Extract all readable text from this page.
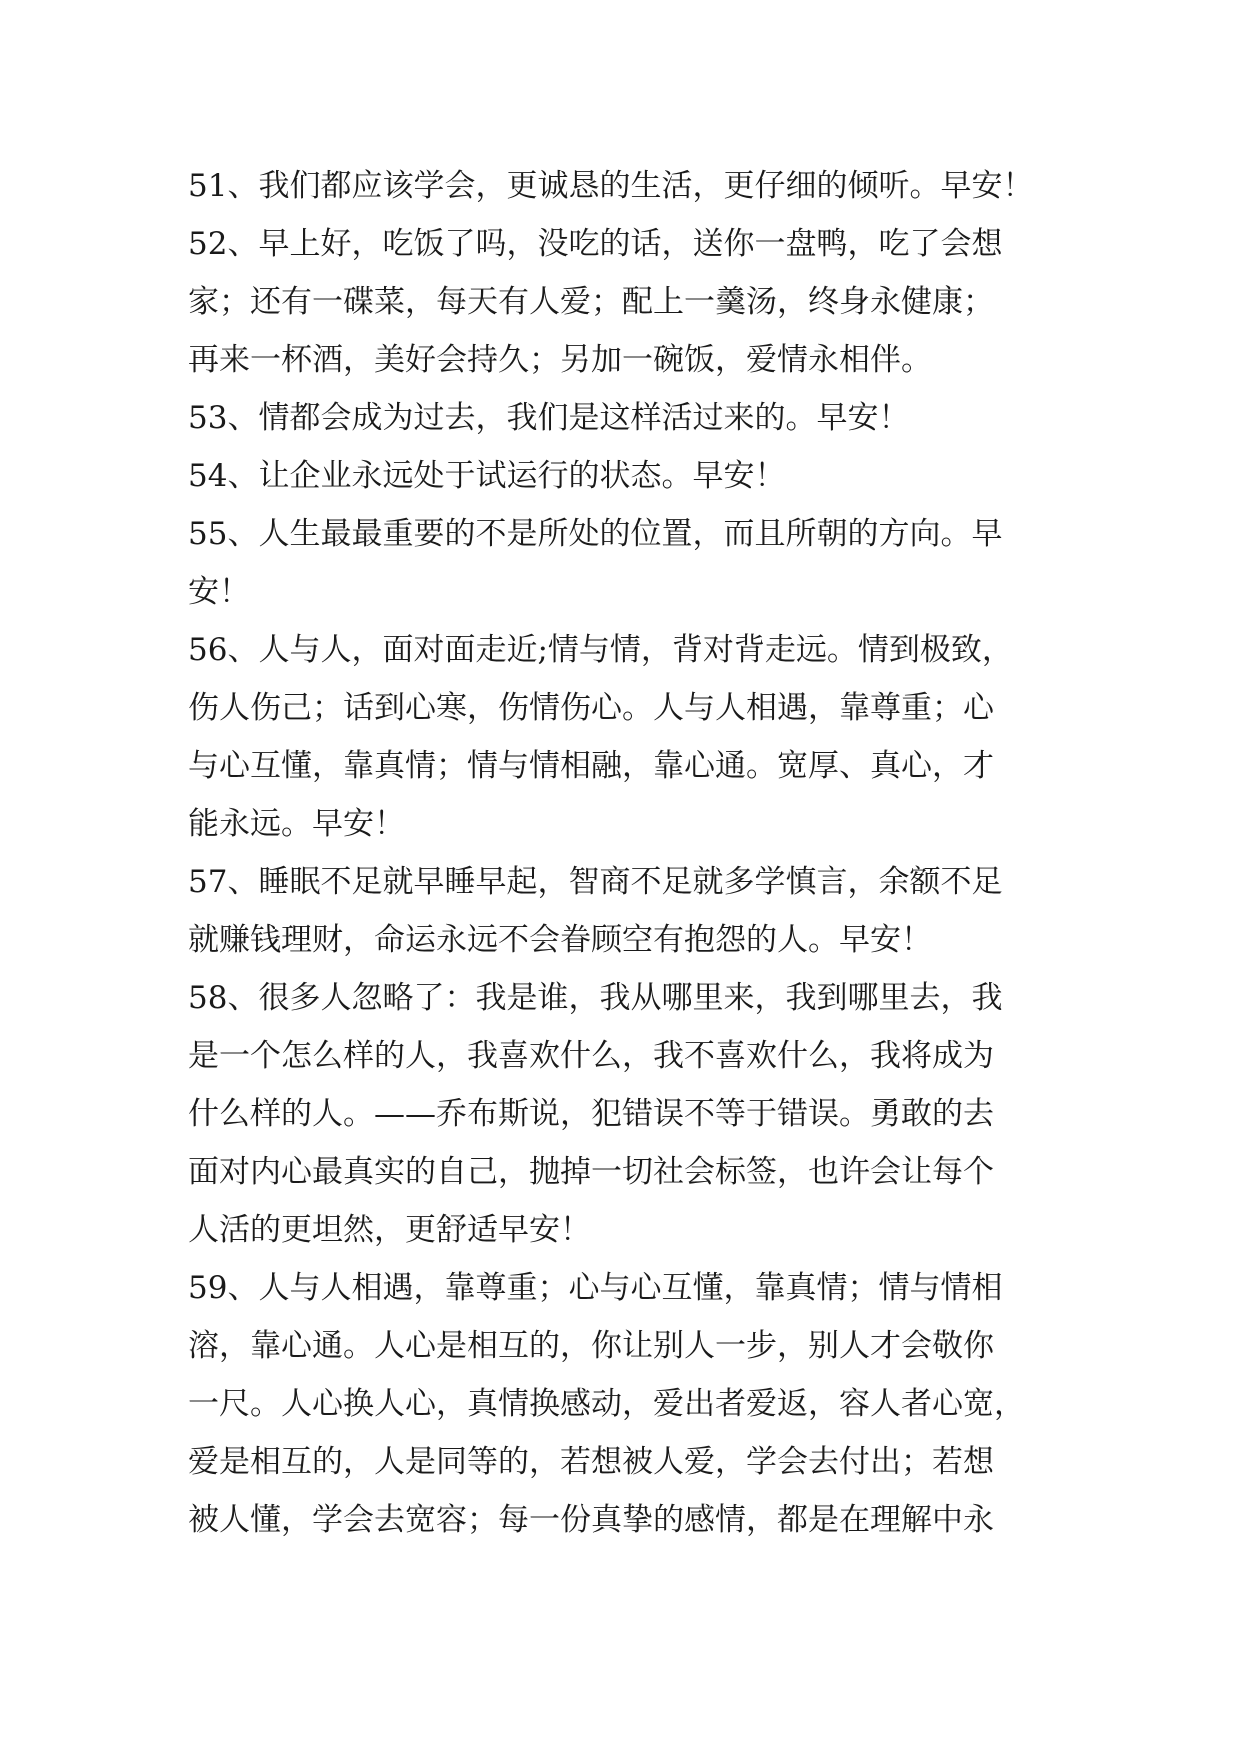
51、我们都应该学会，更诚恳的生活，更仔细的倾听。早安！
52、早上好，吃饭了吗，没吃的话，送你一盘鸭，吃了会想
家；还有一碟菜，每天有人爱；配上一羹汤，终身永健康；
再来一杯酒，美好会持久；另加一碗饭，爱情永相伴。
53、情都会成为过去，我们是这样活过来的。早安！
54、让企业永远处于试运行的状态。早安！
55、人生最最重要的不是所处的位置，而且所朝的方向。早
安！
56、人与人，面对面走近;情与情，背对背走远。情到极致，
伤人伤己；话到心寒，伤情伤心。人与人相遇，靠尊重；心
与心互懂，靠真情；情与情相融，靠心通。宽厚、真心，才
能永远。早安！
57、睡眠不足就早睡早起，智商不足就多学慎言，余额不足
就赚钱理财，命运永远不会眷顾空有抱怨的人。早安！
58、很多人忽略了：我是谁，我从哪里来，我到哪里去，我
是一个怎么样的人，我喜欢什么，我不喜欢什么，我将成为
什么样的人。——乔布斯说，犯错误不等于错误。勇敢的去
面对内心最真实的自己，抛掉一切社会标签，也许会让每个
人活的更坦然，更舒适早安！
59、人与人相遇，靠尊重；心与心互懂，靠真情；情与情相
溶，靠心通。人心是相互的，你让别人一步，别人才会敬你
一尺。人心换人心，真情换感动，爱出者爱返，容人者心宽，
爱是相互的，人是同等的，若想被人爱，学会去付出；若想
被人懂，学会去宽容；每一份真挚的感情，都是在理解中永
